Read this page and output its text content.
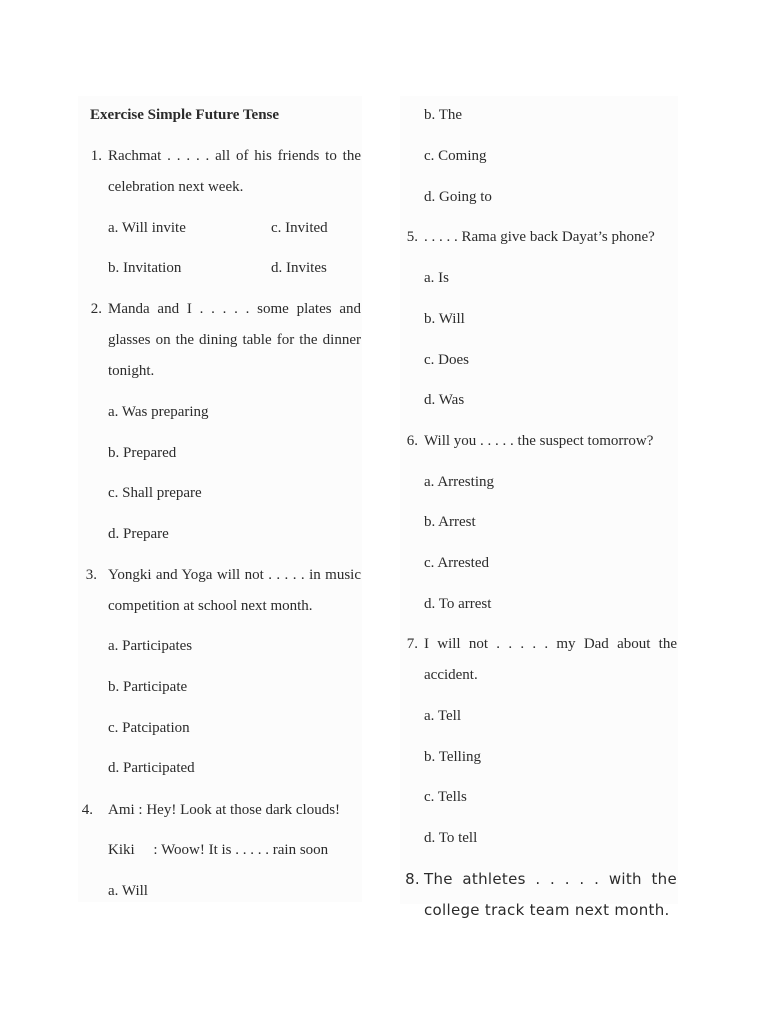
Exercise Simple Future Tense
1. Rachmat . . . . . all of his friends to the
celebration next week.
a. Will invite	c. Invited
b. Invitation	d. Invites
2. Manda and I . . . . . some plates and
glasses on the dining table for the dinner
tonight.
a. Was preparing
b. Prepared
c. Shall prepare
d. Prepare
3. Yongki and Yoga will not . . . . . in music
competition at school next month.
a. Participates
b. Participate
c. Patcipation
d. Participated
4. Ami : Hey! Look at those dark clouds!
Kiki     : Woow! It is . . . . . rain soon
a. Will
b. The
c. Coming
d. Going to
5. . . . . . Rama give back Dayat’s phone?
a. Is
b. Will
c. Does
d. Was
6. Will you . . . . . the suspect tomorrow?
a. Arresting
b. Arrest
c. Arrested
d. To arrest
7. I will not . . . . . my Dad about the
accident.
a. Tell
b. Telling
c. Tells
d. To tell
8. The athletes . . . . . with the
college track team next month.
